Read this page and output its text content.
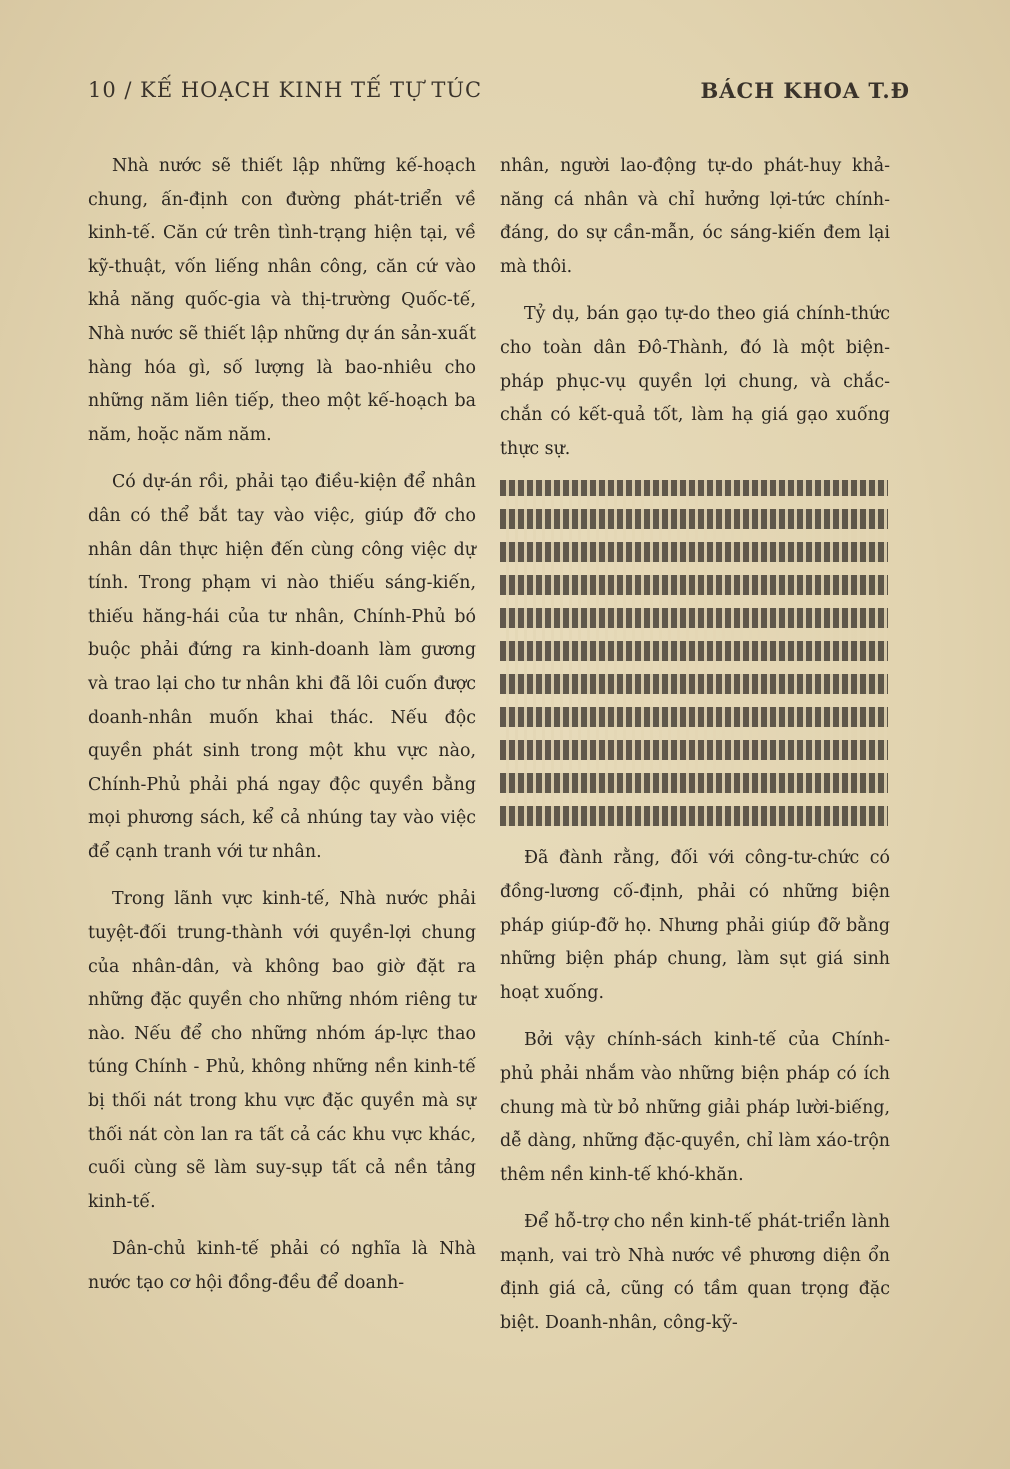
10 / KẾ HOẠCH KINH TẾ TỰ TÚC	BÁCH KHOA T.Đ

Nhà nước sẽ thiết lập những kế-hoạch chung, ấn-định con đường phát-triển về kinh-tế. Căn cứ trên tình-trạng hiện tại, về kỹ-thuật, vốn liếng nhân công, căn cứ vào khả năng quốc-gia và thị-trường Quốc-tế, Nhà nước sẽ thiết lập những dự án sản-xuất hàng hóa gì, số lượng là bao-nhiêu cho những năm liên tiếp, theo một kế-hoạch ba năm, hoặc năm năm.

Có dự-án rồi, phải tạo điều-kiện để nhân dân có thể bắt tay vào việc, giúp đỡ cho nhân dân thực hiện đến cùng công việc dự tính. Trong phạm vi nào thiếu sáng-kiến, thiếu hăng-hái của tư nhân, Chính-Phủ bó buộc phải đứng ra kinh-doanh làm gương và trao lại cho tư nhân khi đã lôi cuốn được doanh-nhân muốn khai thác. Nếu độc quyền phát sinh trong một khu vực nào, Chính-Phủ phải phá ngay độc quyền bằng mọi phương sách, kể cả nhúng tay vào việc để cạnh tranh với tư nhân.

Trong lãnh vực kinh-tế, Nhà nước phải tuyệt-đối trung-thành với quyền-lợi chung của nhân-dân, và không bao giờ đặt ra những đặc quyền cho những nhóm riêng tư nào. Nếu để cho những nhóm áp-lực thao túng Chính - Phủ, không những nền kinh-tế bị thối nát trong khu vực đặc quyền mà sự thối nát còn lan ra tất cả các khu vực khác, cuối cùng sẽ làm suy-sụp tất cả nền tảng kinh-tế.

Dân-chủ kinh-tế phải có nghĩa là Nhà nước tạo cơ hội đồng-đều để doanh-

nhân, người lao-động tự-do phát-huy khả-năng cá nhân và chỉ hưởng lợi-tức chính-đáng, do sự cần-mẫn, óc sáng-kiến đem lại mà thôi.

Tỷ dụ, bán gạo tự-do theo giá chính-thức cho toàn dân Đô-Thành, đó là một biện-pháp phục-vụ quyền lợi chung, và chắc-chắn có kết-quả tốt, làm hạ giá gạo xuống thực sự.

Đã đành rằng, đối với công-tư-chức có đồng-lương cố-định, phải có những biện pháp giúp-đỡ họ. Nhưng phải giúp đỡ bằng những biện pháp chung, làm sụt giá sinh hoạt xuống.

Bởi vậy chính-sách kinh-tế của Chính-phủ phải nhắm vào những biện pháp có ích chung mà từ bỏ những giải pháp lười-biếng, dễ dàng, những đặc-quyền, chỉ làm xáo-trộn thêm nền kinh-tế khó-khăn.

Để hỗ-trợ cho nền kinh-tế phát-triển lành mạnh, vai trò Nhà nước về phương diện ổn định giá cả, cũng có tầm quan trọng đặc biệt. Doanh-nhân, công-kỹ-
